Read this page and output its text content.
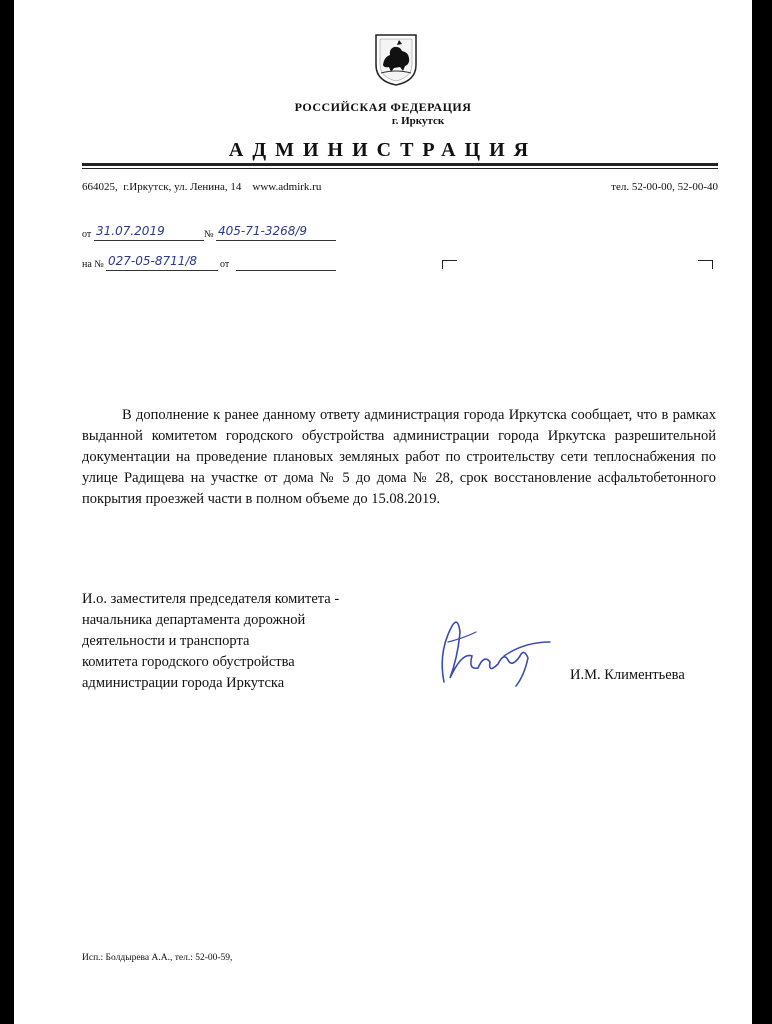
РОССИЙСКАЯ ФЕДЕРАЦИЯ
г. Иркутск
АДМИНИСТРАЦИЯ
664025,  г.Иркутск, ул. Ленина, 14    www.admirk.ru	тел. 52-00-00, 52-00-40
от 31.07.2019	№ 405-71-3268/9
на № 027-05-8711/8 от

В дополнение к ранее данному ответу администрация города Иркутска сообщает, что в рамках выданной комитетом городского обустройства администрации города Иркутска разрешительной документации на проведение плановых земляных работ по строительству сети теплоснабжения по улице Радищева на участке от дома № 5 до дома № 28, срок восстановление асфальтобетонного покрытия проезжей части в полном объеме до 15.08.2019.

И.о. заместителя председателя комитета -
начальника департамента дорожной
деятельности и транспорта
комитета городского обустройства
администрации города Иркутска	И.М. Климентьева
Исп.: Болдырева А.А., тел.: 52-00-59,
